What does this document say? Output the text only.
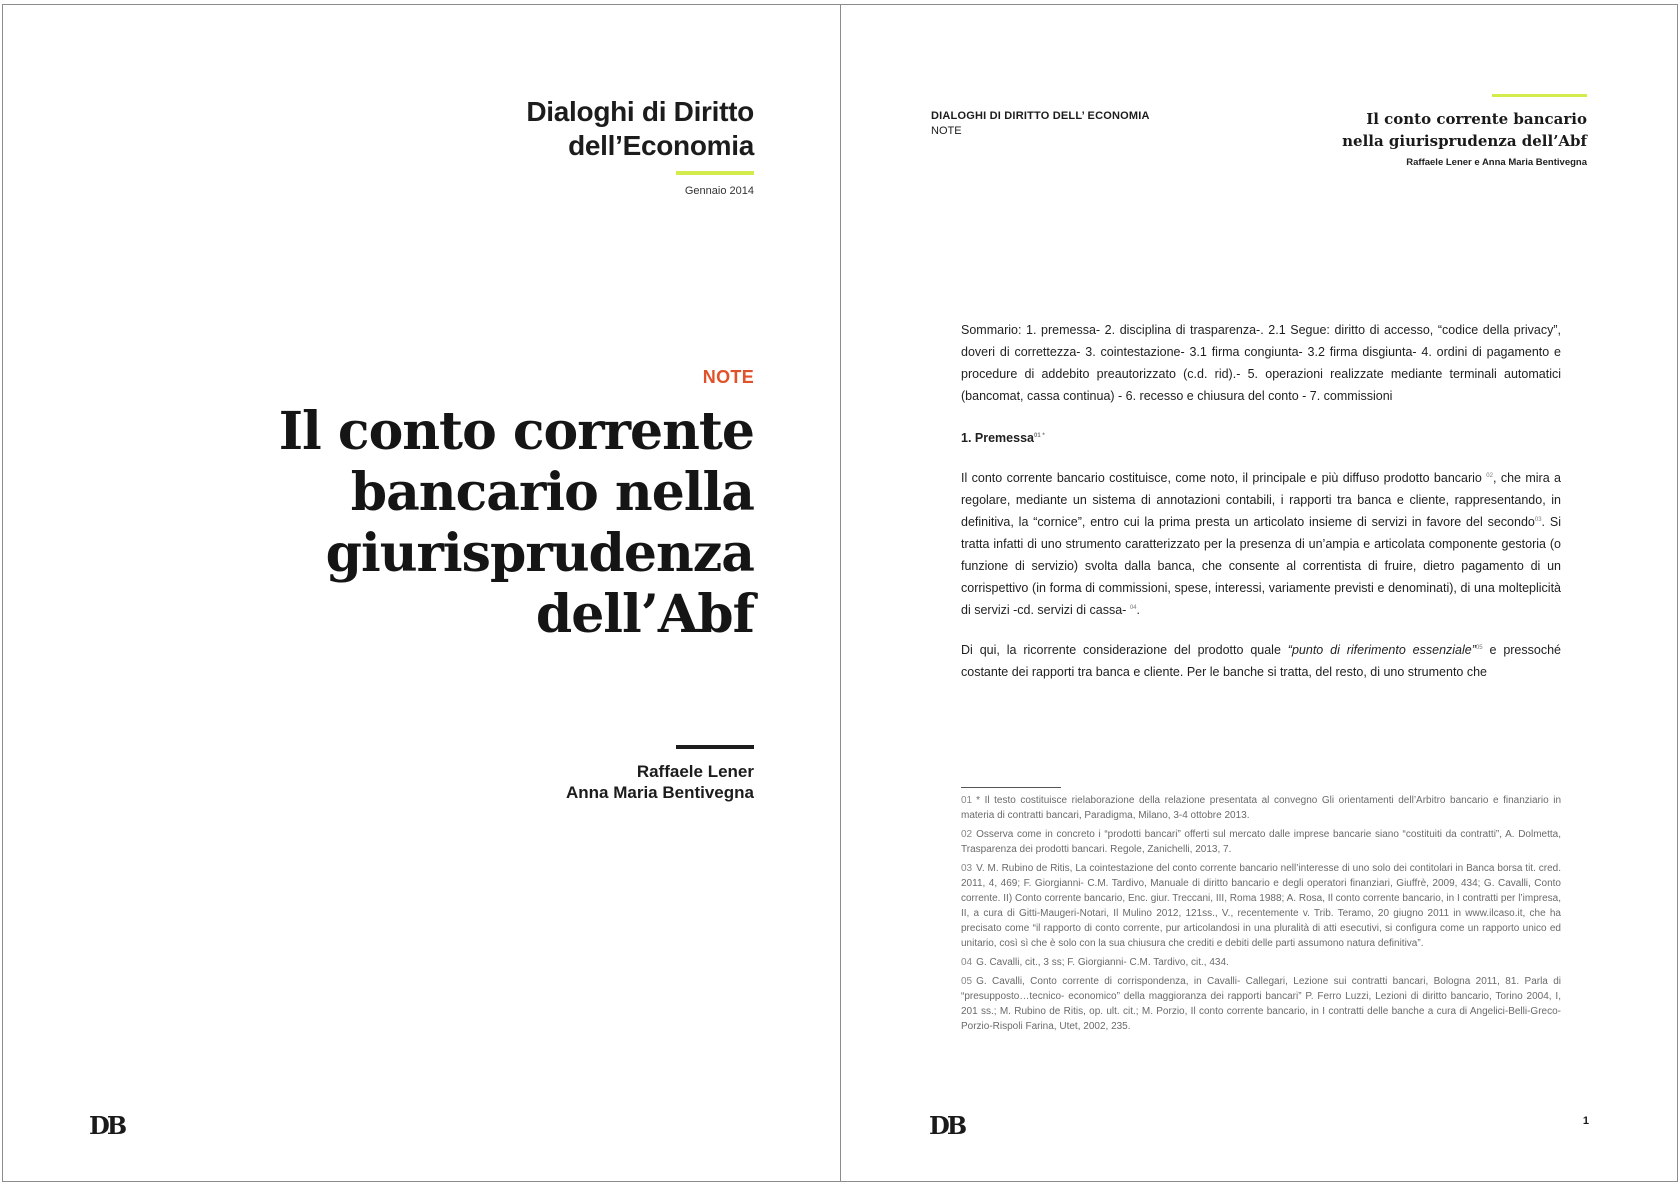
Dialoghi di Diritto
dell’Economia
Gennaio 2014
NOTE
Il conto corrente
bancario nella
giurisprudenza
dell’Abf
Raffaele Lener
Anna Maria Bentivegna
DB
DIALOGHI DI DIRITTO DELL’ ECONOMIA
NOTE
Il conto corrente bancario
nella giurisprudenza dell’Abf
Raffaele Lener e Anna Maria Bentivegna

Sommario: 1. premessa- 2. disciplina di trasparenza-. 2.1 Segue: diritto di accesso, “codice della privacy”, doveri di correttezza- 3. cointestazione- 3.1 firma congiunta- 3.2 firma disgiunta- 4. ordini di pagamento e procedure di addebito preautorizzato (c.d. rid).- 5. operazioni realizzate mediante terminali automatici (bancomat, cassa continua) - 6. recesso e chiusura del conto - 7. commissioni

1. Premessa$^{01 *}$

Il conto corrente bancario costituisce, come noto, il principale e più diffuso prodotto bancario $^{02}$, che mira a regolare, mediante un sistema di annotazioni contabili, i rapporti tra banca e cliente, rappresentando, in definitiva, la “cornice”, entro cui la prima presta un articolato insieme di servizi in favore del secondo$^{03}$. Si tratta infatti di uno strumento caratterizzato per la presenza di un’ampia e articolata componente gestoria (o funzione di servizio) svolta dalla banca, che consente al correntista di fruire, dietro pagamento di un corrispettivo (in forma di commissioni, spese, interessi, variamente previsti e denominati), di una molteplicità di servizi -cd. servizi di cassa- $^{04}$.

Di qui, la ricorrente considerazione del prodotto quale “punto di riferimento essenziale”$^{05}$ e pressoché costante dei rapporti tra banca e cliente. Per le banche si tratta, del resto, di uno strumento che

01 * Il testo costituisce rielaborazione della relazione presentata al convegno Gli orientamenti dell’Arbitro bancario e finanziario in materia di contratti bancari, Paradigma, Milano, 3-4 ottobre 2013.

02 Osserva come in concreto i “prodotti bancari” offerti sul mercato dalle imprese bancarie siano “costituiti da contratti”, A. Dolmetta, Trasparenza dei prodotti bancari. Regole, Zanichelli, 2013, 7.

03 V. M. Rubino de Ritis, La cointestazione del conto corrente bancario nell’interesse di uno solo dei contitolari in Banca borsa tit. cred. 2011, 4, 469; F. Giorgianni- C.M. Tardivo, Manuale di diritto bancario e degli operatori finanziari, Giuffrè, 2009, 434; G. Cavalli, Conto corrente. II) Conto corrente bancario, Enc. giur. Treccani, III, Roma 1988; A. Rosa, Il conto corrente bancario, in I contratti per l’impresa, II, a cura di Gitti-Maugeri-Notari, Il Mulino 2012, 121ss., V., recentemente v. Trib. Teramo, 20 giugno 2011 in www.ilcaso.it, che ha precisato come “il rapporto di conto corrente, pur articolandosi in una pluralità di atti esecutivi, si configura come un rapporto unico ed unitario, così sì che è solo con la sua chiusura che crediti e debiti delle parti assumono natura definitiva”.

04 G. Cavalli, cit., 3 ss; F. Giorgianni- C.M. Tardivo, cit., 434.

05 G. Cavalli, Conto corrente di corrispondenza, in Cavalli- Callegari, Lezione sui contratti bancari, Bologna 2011, 81. Parla di “presupposto…tecnico- economico” della maggioranza dei rapporti bancari” P. Ferro Luzzi, Lezioni di diritto bancario, Torino 2004, I, 201 ss.; M. Rubino de Ritis, op. ult. cit.; M. Porzio, Il conto corrente bancario, in I contratti delle banche a cura di Angelici-Belli-Greco-Porzio-Rispoli Farina, Utet, 2002, 235.

DB	1
